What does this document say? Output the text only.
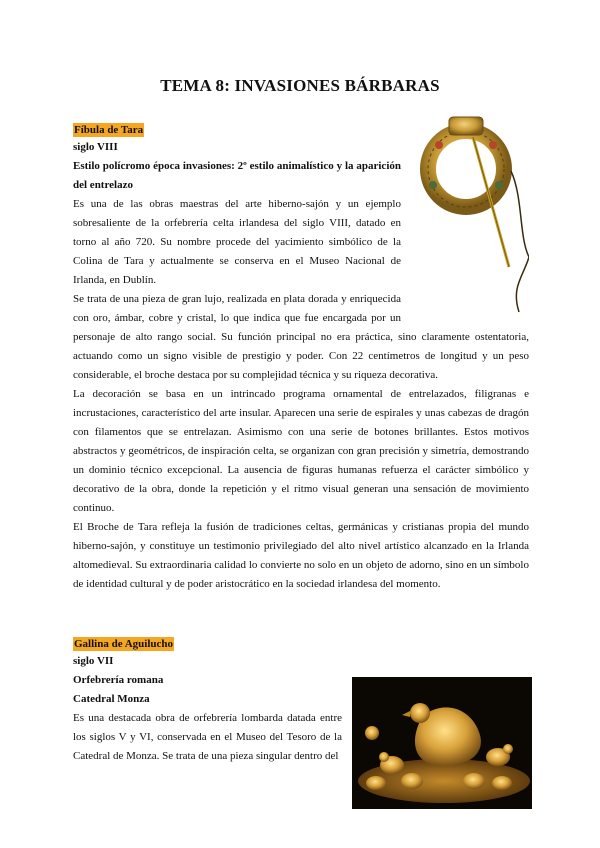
TEMA 8: INVASIONES BÁRBARAS
Fíbula de Tara

siglo VIII

Estilo polícromo época invasiones: 2º estilo animalístico y la aparición del entrelazo

Es una de las obras maestras del arte hiberno-sajón y un ejemplo sobresaliente de la orfebrería celta irlandesa del siglo VIII, datado en torno al año 720. Su nombre procede del yacimiento simbólico de la Colina de Tara y actualmente se conserva en el Museo Nacional de Irlanda, en Dublín.

Se trata de una pieza de gran lujo, realizada en plata dorada y enriquecida con oro, ámbar, cobre y cristal, lo que indica que fue encargada por un personaje de alto rango social. Su función principal no era práctica, sino claramente ostentatoria, actuando como un signo visible de prestigio y poder. Con 22 centímetros de longitud y un peso considerable, el broche destaca por su complejidad técnica y su riqueza decorativa.

La decoración se basa en un intrincado programa ornamental de entrelazados, filigranas e incrustaciones, característico del arte insular. Aparecen una serie de espirales y unas cabezas de dragón con filamentos que se entrelazan. Asimismo con una serie de botones brillantes. Estos motivos abstractos y geométricos, de inspiración celta, se organizan con gran precisión y simetría, demostrando un dominio técnico excepcional. La ausencia de figuras humanas refuerza el carácter simbólico y decorativo de la obra, donde la repetición y el ritmo visual generan una sensación de movimiento continuo.

El Broche de Tara refleja la fusión de tradiciones celtas, germánicas y cristianas propia del mundo hiberno-sajón, y constituye un testimonio privilegiado del alto nivel artístico alcanzado en la Irlanda altomedieval. Su extraordinaria calidad lo convierte no solo en un objeto de adorno, sino en un símbolo de identidad cultural y de poder aristocrático en la sociedad irlandesa del momento.

Gallina de Aguilucho

siglo VII

Orfebrería romana

Catedral Monza

Es una destacada obra de orfebrería lombarda datada entre los siglos V y VI, conservada en el Museo del Tesoro de la Catedral de Monza. Se trata de una pieza singular dentro del
